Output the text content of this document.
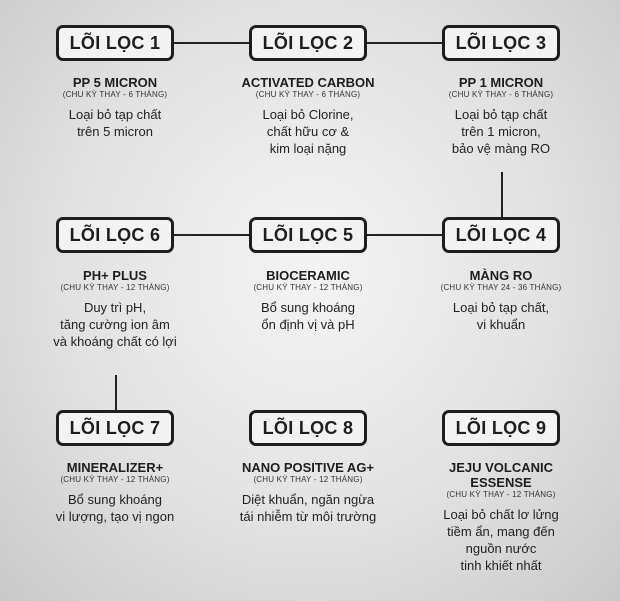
LÕI LỌC 1	LÕI LỌC 2	LÕI LỌC 3
PP 5 MICRON
(CHU KỲ THAY - 6 THÁNG)
Loại bỏ tạp chất
trên 5 micron
ACTIVATED CARBON
(CHU KỲ THAY - 6 THÁNG)
Loại bỏ Clorine,
chất hữu cơ &
kim loại nặng
PP 1 MICRON
(CHU KỲ THAY - 6 THÁNG)
Loại bỏ tạp chất
trên 1 micron,
bảo vệ màng RO
LÕI LỌC 6	LÕI LỌC 5	LÕI LỌC 4
PH+ PLUS
(CHU KỲ THAY - 12 THÁNG)
Duy trì pH,
tăng cường ion âm
và khoáng chất có lợi
BIOCERAMIC
(CHU KỲ THAY - 12 THÁNG)
Bổ sung khoáng
ổn định vị và pH
MÀNG RO
(CHU KỲ THAY 24 - 36 THÁNG)
Loại bỏ tạp chất,
vi khuẩn
LÕI LỌC 7	LÕI LỌC 8	LÕI LỌC 9
MINERALIZER+
(CHU KỲ THAY - 12 THÁNG)
Bổ sung khoáng
vi lượng, tạo vị ngon
NANO POSITIVE AG+
(CHU KỲ THAY - 12 THÁNG)
Diệt khuẩn, ngăn ngừa
tái nhiễm từ môi trường
JEJU VOLCANIC
ESSENSE
(CHU KỲ THAY - 12 THÁNG)
Loại bỏ chất lơ lửng
tiềm ẩn, mang đến
nguồn nước
tinh khiết nhất
